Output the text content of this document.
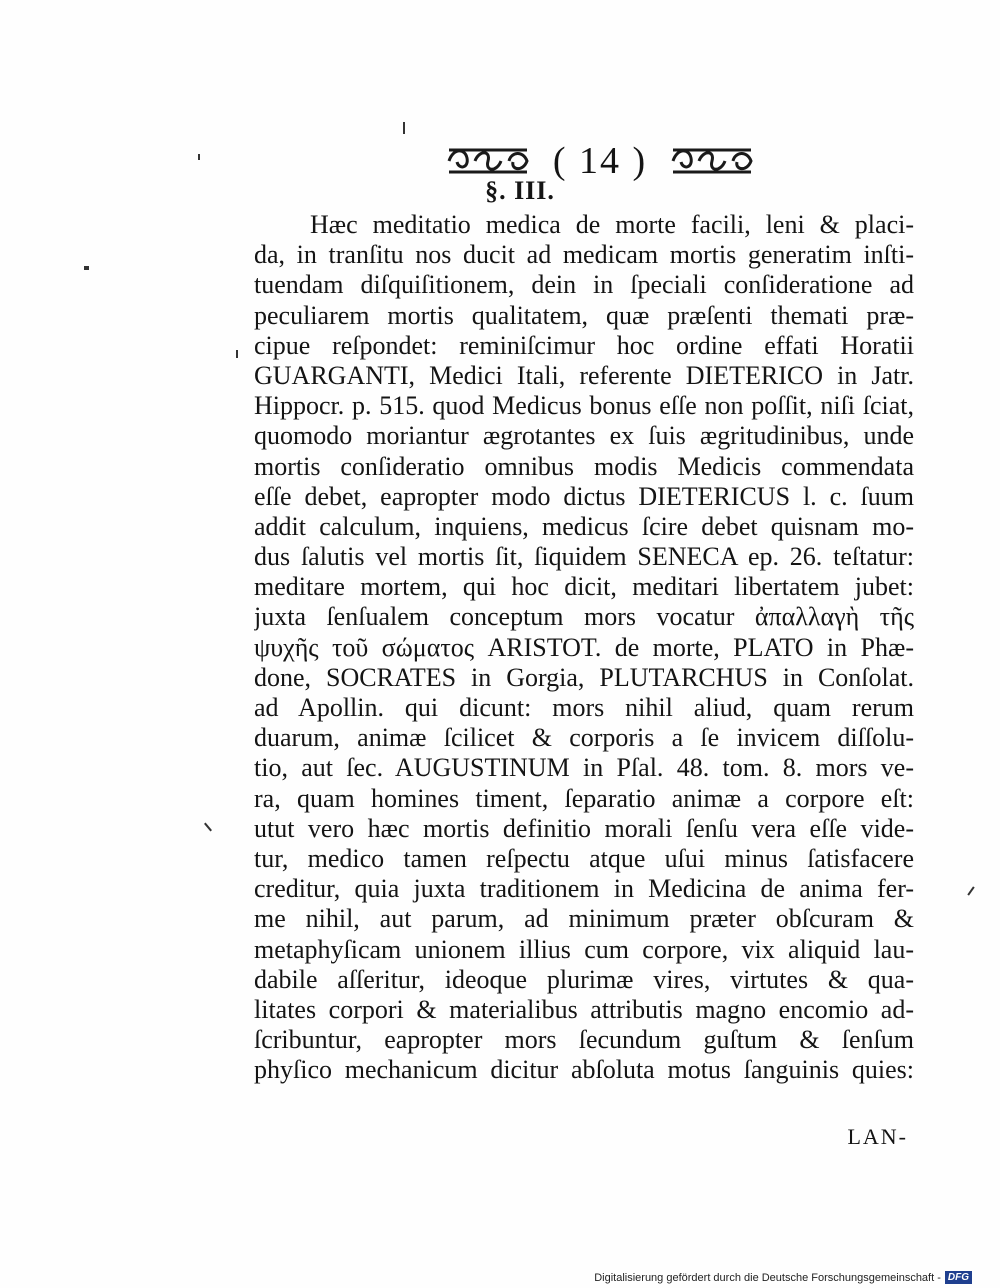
( 14 )
§. III.
Hæc meditatio medica de morte facili, leni & placi-
da, in tranſitu nos ducit ad medicam mortis generatim inſti-
tuendam diſquiſitionem, dein in ſpeciali conſideratione ad
peculiarem mortis qualitatem, quæ præſenti themati præ-
cipue reſpondet: reminiſcimur hoc ordine effati Horatii
GUARGANTI, Medici Itali, referente DIETERICO in Jatr.
Hippocr. p. 515. quod Medicus bonus eſſe non poſſit, niſi ſciat,
quomodo moriantur ægrotantes ex ſuis ægritudinibus, unde
mortis conſideratio omnibus modis Medicis commendata
eſſe debet, eapropter modo dictus DIETERICUS l. c. ſuum
addit calculum, inquiens, medicus ſcire debet quisnam mo-
dus ſalutis vel mortis ſit, ſiquidem SENECA ep. 26. teſtatur:
meditare mortem, qui hoc dicit, meditari libertatem jubet:
juxta ſenſualem conceptum mors vocatur ἀπαλλαγὴ τῆς
ψυχῆς τοῦ σώματος ARISTOT. de morte, PLATO in Phæ-
done, SOCRATES in Gorgia, PLUTARCHUS in Conſolat.
ad Apollin. qui dicunt: mors nihil aliud, quam rerum
duarum, animæ ſcilicet & corporis a ſe invicem diſſolu-
tio, aut ſec. AUGUSTINUM in Pſal. 48. tom. 8. mors ve-
ra, quam homines timent, ſeparatio animæ a corpore eſt:
utut vero hæc mortis definitio morali ſenſu vera eſſe vide-
tur, medico tamen reſpectu atque uſui minus ſatisfacere
creditur, quia juxta traditionem in Medicina de anima fer-
me nihil, aut parum, ad minimum præter obſcuram &
metaphyſicam unionem illius cum corpore, vix aliquid lau-
dabile aſſeritur, ideoque plurimæ vires, virtutes & qua-
litates corpori & materialibus attributis magno encomio ad-
ſcribuntur, eapropter mors ſecundum guſtum & ſenſum
phyſico mechanicum dicitur abſoluta motus ſanguinis quies:
LAN-
Digitalisierung gefördert durch die Deutsche Forschungsgemeinschaft - DFG
